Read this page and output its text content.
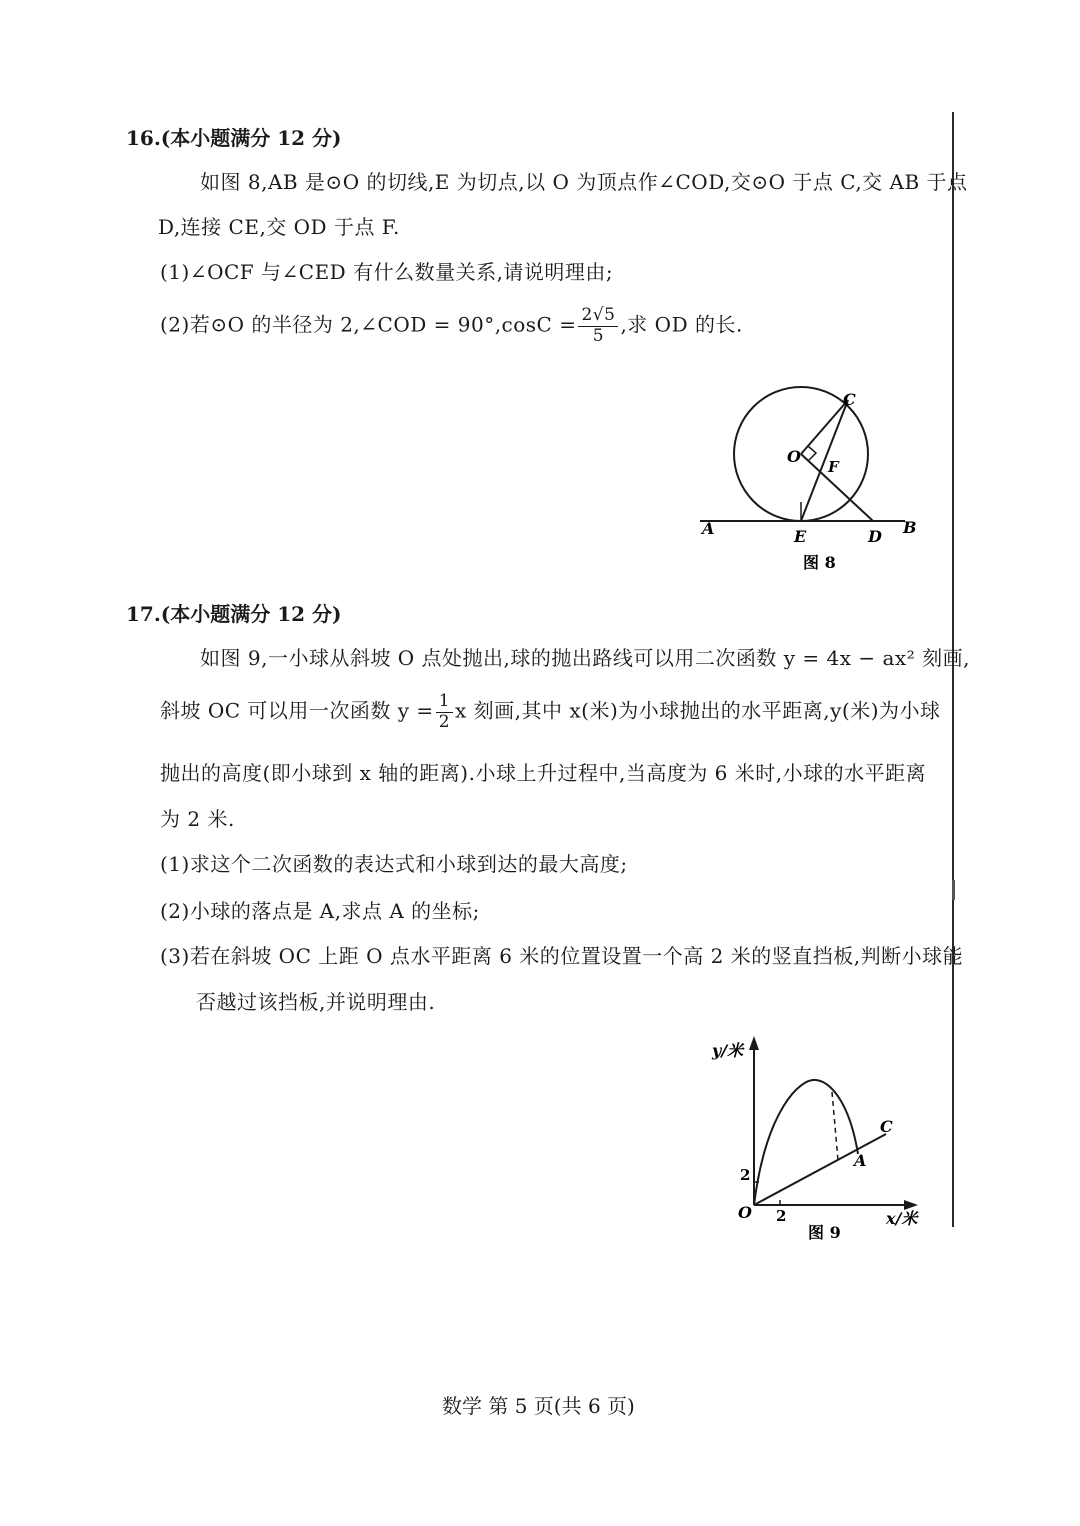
16.(本小题满分 12 分)
如图 8,AB 是⊙O 的切线,E 为切点,以 O 为顶点作∠COD,交⊙O 于点 C,交 AB 于点
D,连接 CE,交 OD 于点 F.
(1)∠OCF 与∠CED 有什么数量关系,请说明理由;
(2)若⊙O 的半径为 2,∠COD = $90^\circ,\cos C = \frac{2√5}{5}$ ,求 OD 的长.
C
O
F
A	E	D B
图 8
17.(本小题满分 12 分)
如图 9,一小球从斜坡 O 点处抛出,球的抛出路线可以用二次函数 y = 4x − ax² 刻画,
斜坡 OC 可以用一次函数 $y = \frac{1}{2}$ x 刻画,其中 x(米)为小球抛出的水平距离,y(米)为小球
抛出的高度(即小球到 x 轴的距离).小球上升过程中,当高度为 6 米时,小球的水平距离
为 2 米.
(1)求这个二次函数的表达式和小球到达的最大高度;
(2)小球的落点是 A,求点 A 的坐标;
(3)若在斜坡 OC 上距 O 点水平距离 6 米的位置设置一个高 2 米的竖直挡板,判断小球能
否越过该挡板,并说明理由.
y/米
x/米
O
2
2
A
C
图 9
数学 第 5 页(共 6 页)
